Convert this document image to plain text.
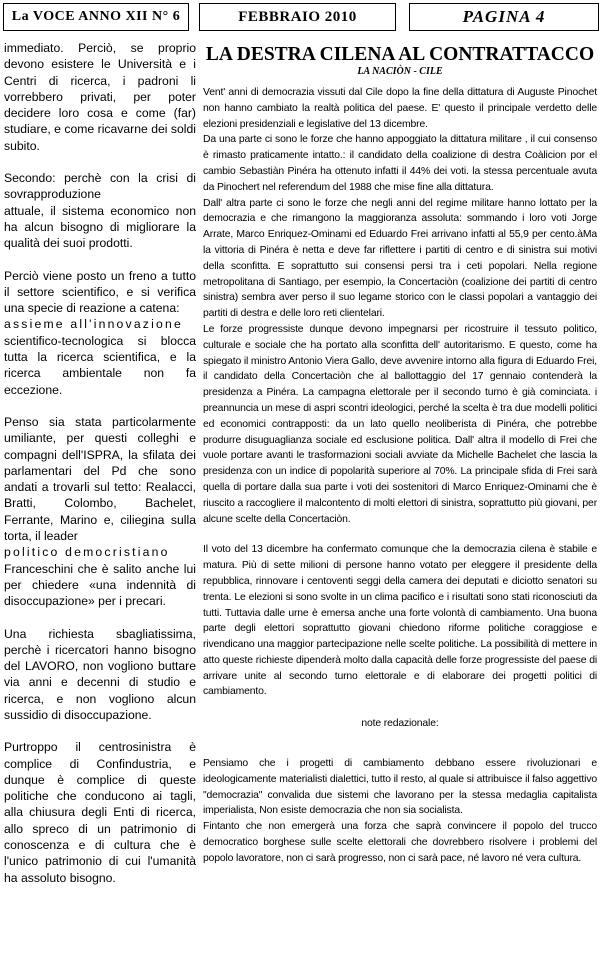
La VOCE ANNO XII N° 6	FEBBRAIO 2010	PAGINA 4

immediato. Perciò, se proprio devono esistere le Università e i Centri di ricerca, i padroni li vorrebbero privati, per poter decidere loro cosa e come (far) studiare, e come ricavarne dei soldi subito.

Secondo: perchè con la crisi di sovrapproduzione
attuale, il sistema economico non ha alcun bisogno di migliorare la qualità dei suoi prodotti.

Perciò viene posto un freno a tutto il settore scientifico, e si verifica una specie di reazione a catena:
assieme all'innovazione
scientifico-tecnologica si blocca tutta la ricerca scientifica, e la ricerca ambientale non fa eccezione.

Penso sia stata particolarmente umiliante, per questi colleghi e compagni dell'ISPRA, la sfilata dei parlamentari del Pd che sono andati a trovarli sul tetto: Realacci, Bratti, Colombo, Bachelet, Ferrante, Marino e, ciliegina sulla torta, il leader
politico democristiano
Franceschini che è salito anche lui per chiedere «una indennità di disoccupazione» per i precari.

Una richiesta sbagliatissima, perchè i ricercatori hanno bisogno del LAVORO, non vogliono buttare via anni e decenni di studio e ricerca, e non vogliono alcun sussidio di disoccupazione.

Purtroppo il centrosinistra è complice di Confindustria, e dunque è complice di queste politiche che conducono ai tagli, alla chiusura degli Enti di ricerca, allo spreco di un patrimonio di conoscenza e di cultura che è l'unico patrimonio di cui l'umanità ha assoluto bisogno.

LA DESTRA CILENA AL CONTRATTACCO
LA NACIÒN - CILE

Vent' anni di democrazia vissuti dal Cile dopo la fine della dittatura di Auguste Pinochet non hanno cambiato la realtà politica del paese. E' questo il principale verdetto delle elezioni presidenziali e legislative del 13 dicembre.

Da una parte ci sono le forze che hanno appoggiato la dittatura militare , il cui consenso è rimasto praticamente intatto.: il candidato della coalizione di destra Coàlicion por el cambio Sebastiàn Pinéra ha ottenuto infatti il 44% dei voti. la stessa percentuale avuta da Pinochert nel referendum del 1988 che mise fine alla dittatura.

Dall' altra parte ci sono le forze che negli anni del regime militare hanno lottato per la democrazia e che rimangono la maggioranza assoluta: sommando i loro voti Jorge Arrate, Marco Enriquez-Ominami ed Eduardo Frei arrivano infatti al 55,9 per cento.àMa la vittoria di Pinéra è netta e deve far riflettere i partiti di centro e di sinistra sui motivi della sconfitta. E soprattutto sui consensi persi tra i ceti popolari. Nella regione metropolitana di Santiago, per esempio, la Concertaciòn (coalizione dei partiti di centro sinistra) sembra aver perso il suo legame storico con le classi popolari a vantaggio dei partiti di destra e delle loro reti clientelari.

Le forze progressiste dunque devono impegnarsi per ricostruire il tessuto politico, culturale e sociale che ha portato alla sconfitta dell' autoritarismo. E questo, come ha spiegato il ministro Antonio Viera Gallo, deve avvenire intorno alla figura di Eduardo Frei, il candidato della Concertaciòn che al ballottaggio del 17 gennaio contenderà la presidenza a Pinéra. La campagna elettorale per il secondo turno è già cominciata. i preannuncia un mese di aspri scontri ideologici, perché la scelta è tra due modelli politici ed economici contrapposti: da un lato quello neoliberista di Pinéra, che potrebbe produrre disuguaglianza sociale ed esclusione politica. Dall' altra il modello di Frei che vuole portare avanti le trasformazioni sociali avviate da Michelle Bachelet che lascia la presidenza con un indice di popolarità superiore al 70%. La principale sfida di Frei sarà quella di portare dalla sua parte i voti dei sostenitori di Marco Enriquez-Ominami che è riuscito a raccogliere il malcontento di molti elettori di sinistra, soprattutto più giovani, per alcune scelte della Concertaciòn.

Il voto del 13 dicembre ha confermato comunque che la democrazia cilena è stabile e matura. Più di sette milioni di persone hanno votato per eleggere il presidente della repubblica, rinnovare i centoventi seggi della camera dei deputati e diciotto senatori su trenta. Le elezioni si sono svolte in un clima pacifico e i risultati sono stati riconosciuti da tutti. Tuttavia dalle urne è emersa anche una forte volontà di cambiamento. Una buona parte degli elettori soprattutto giovani chiedono riforme politiche coraggiose e rivendicano una maggior partecipazione nelle scelte politiche. La possibilità di mettere in atto queste richieste dipenderà molto dalla capacità delle forze progressiste del paese di arrivare unite al secondo turno elettorale e di elaborare dei progetti politici di cambiamento.

note redazionale:

Pensiamo che i progetti di cambiamento debbano essere rivoluzionari e ideologicamente materialisti dialettici, tutto il resto, al quale si attribuisce il falso aggettivo "democrazia" convalida due sistemi che lavorano per la stessa medaglia capitalista imperialista, Non esiste democrazia che non sia socialista.

Fintanto che non emergerà una forza che saprà convincere il popolo del trucco democratico borghese sulle scelte elettorali che dovrebbero risolvere i problemi del popolo lavoratore, non ci sarà progresso, non ci sarà pace, né lavoro né vera cultura.
